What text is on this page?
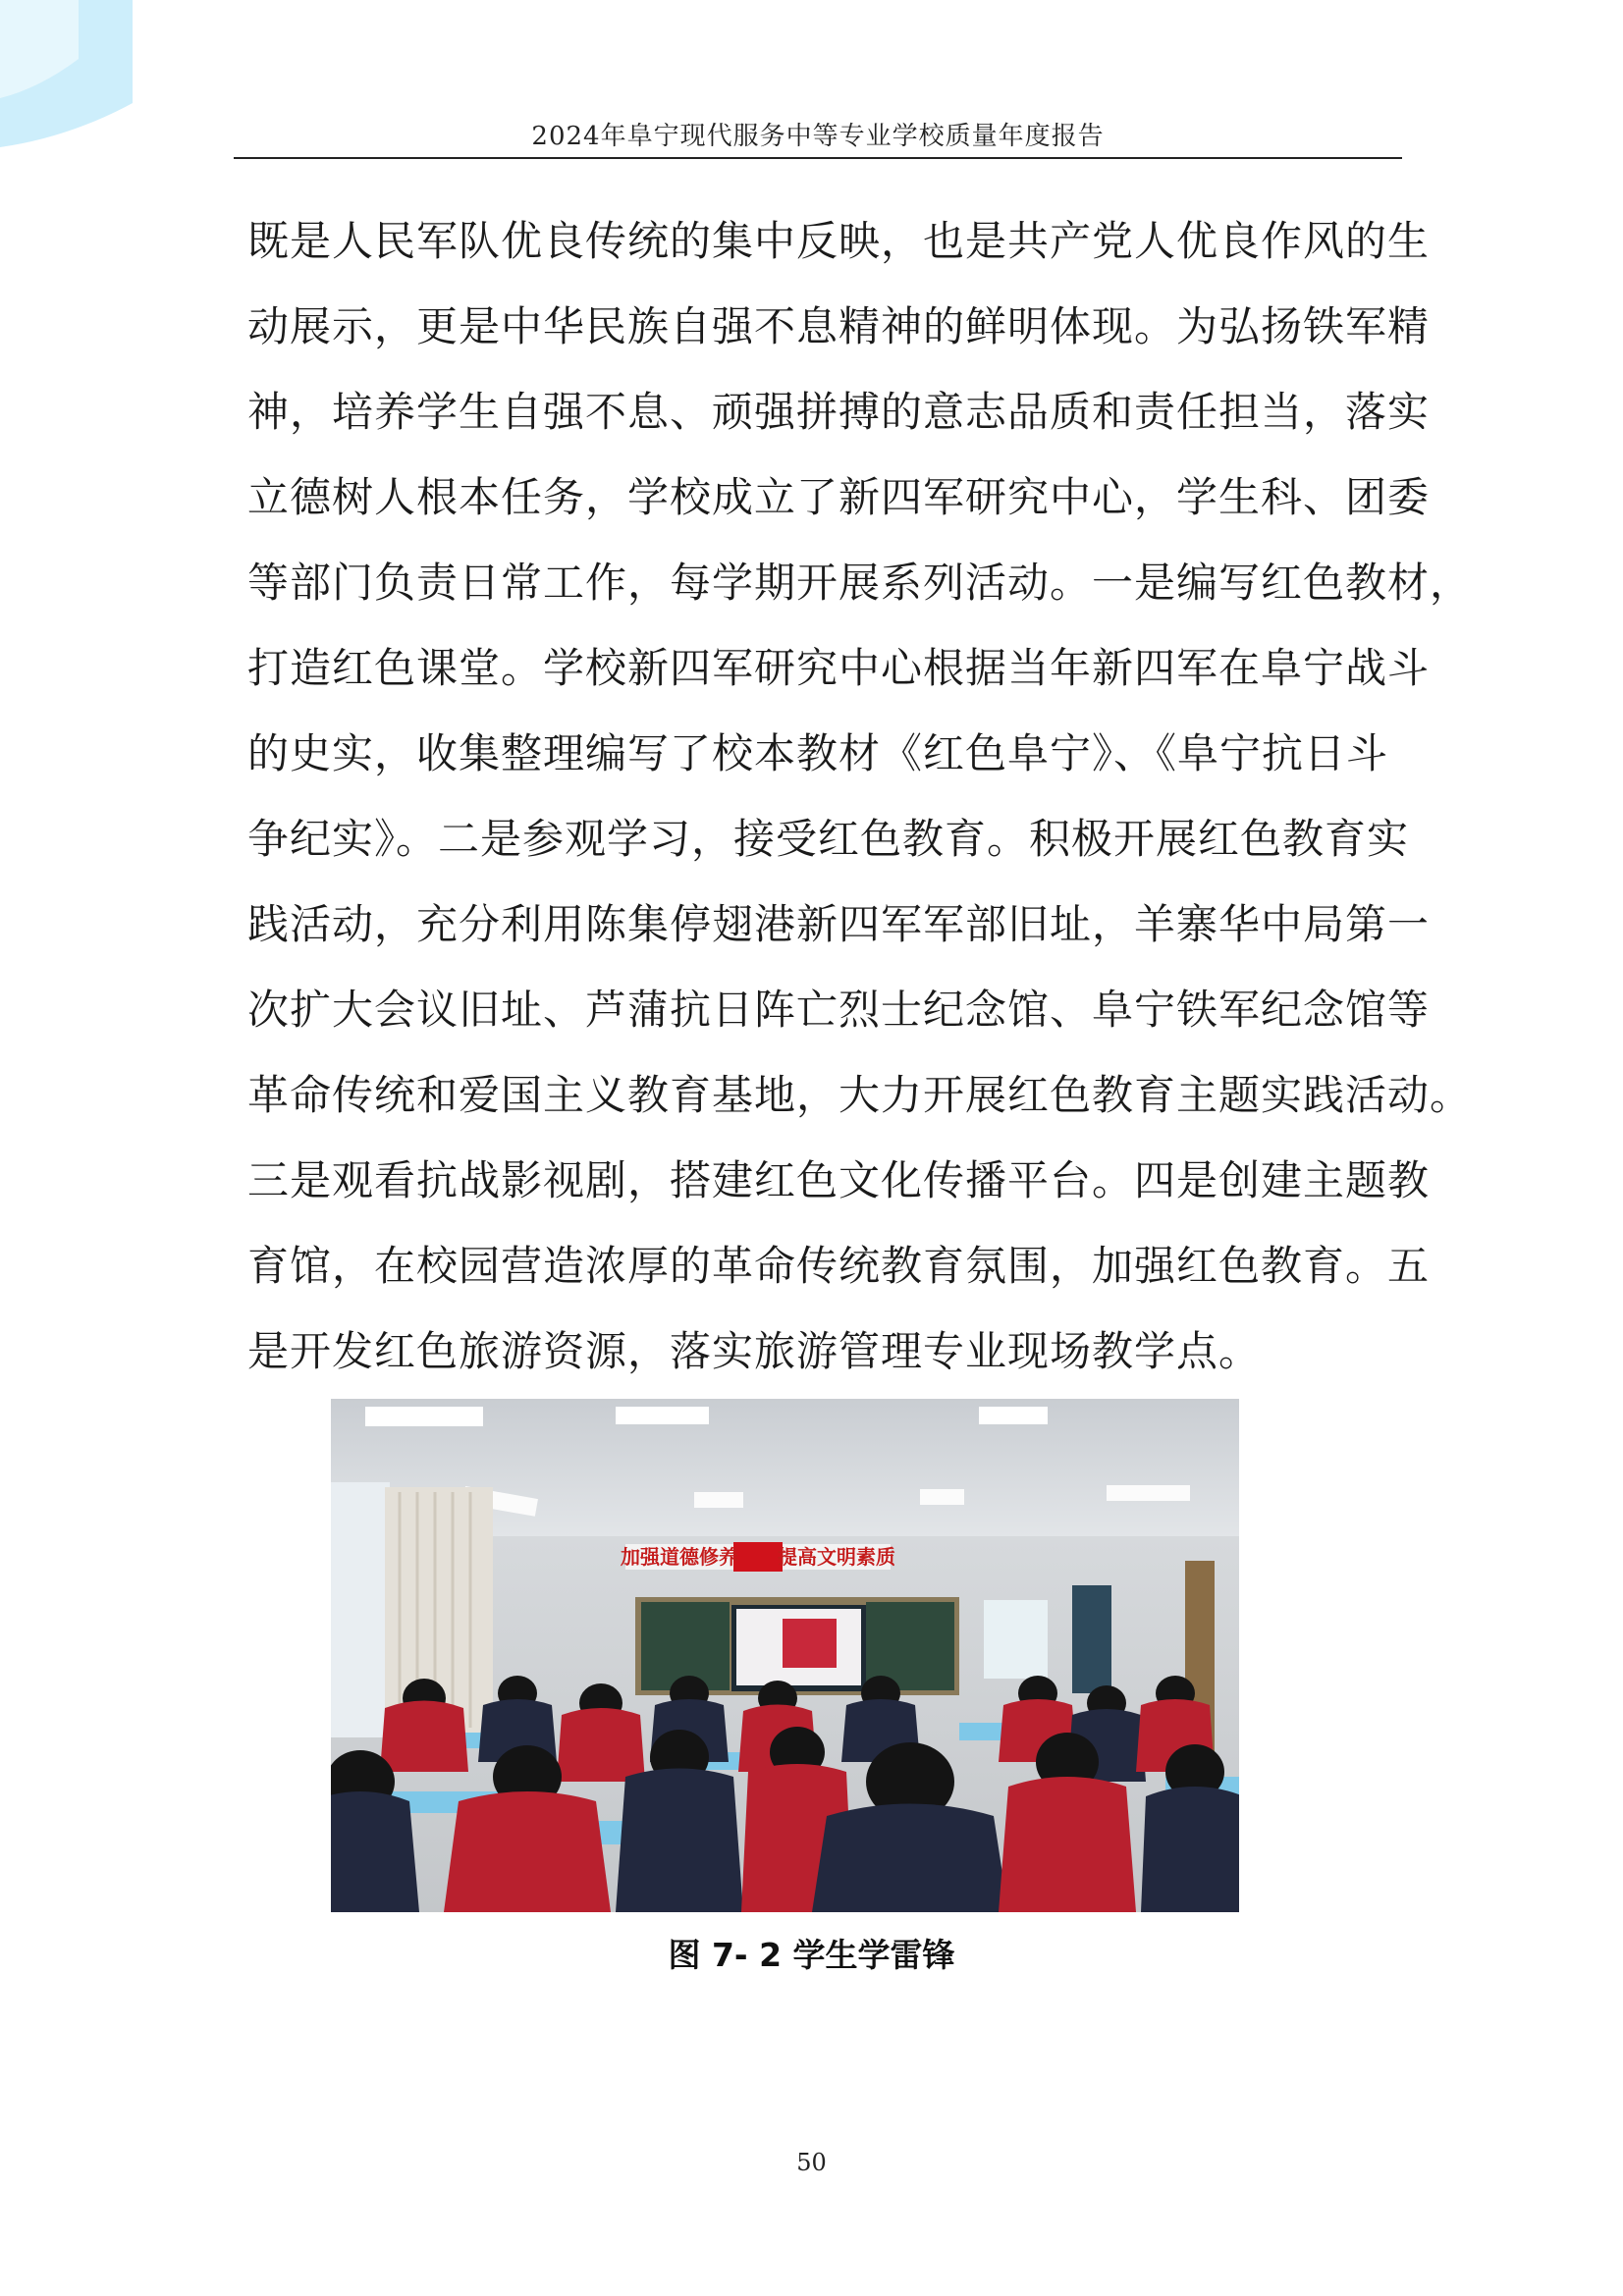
2024年阜宁现代服务中等专业学校质量年度报告
既是人民军队优良传统的集中反映，也是共产党人优良作风的生
动展示，更是中华民族自强不息精神的鲜明体现。为弘扬铁军精
神，培养学生自强不息、顽强拼搏的意志品质和责任担当，落实
立德树人根本任务，学校成立了新四军研究中心，学生科、团委
等部门负责日常工作，每学期开展系列活动。一是编写红色教材，
打造红色课堂。学校新四军研究中心根据当年新四军在阜宁战斗
的史实，收集整理编写了校本教材《红色阜宁》、《阜宁抗日斗
争纪实》。二是参观学习，接受红色教育。积极开展红色教育实
践活动，充分利用陈集停翅港新四军军部旧址，羊寨华中局第一
次扩大会议旧址、芦蒲抗日阵亡烈士纪念馆、阜宁铁军纪念馆等
革命传统和爱国主义教育基地，大力开展红色教育主题实践活动。
三是观看抗战影视剧，搭建红色文化传播平台。四是创建主题教
育馆，在校园营造浓厚的革命传统教育氛围，加强红色教育。五
是开发红色旅游资源，落实旅游管理专业现场教学点。
加强道德修养 提高文明素质
图 7- 2 学生学雷锋
50
